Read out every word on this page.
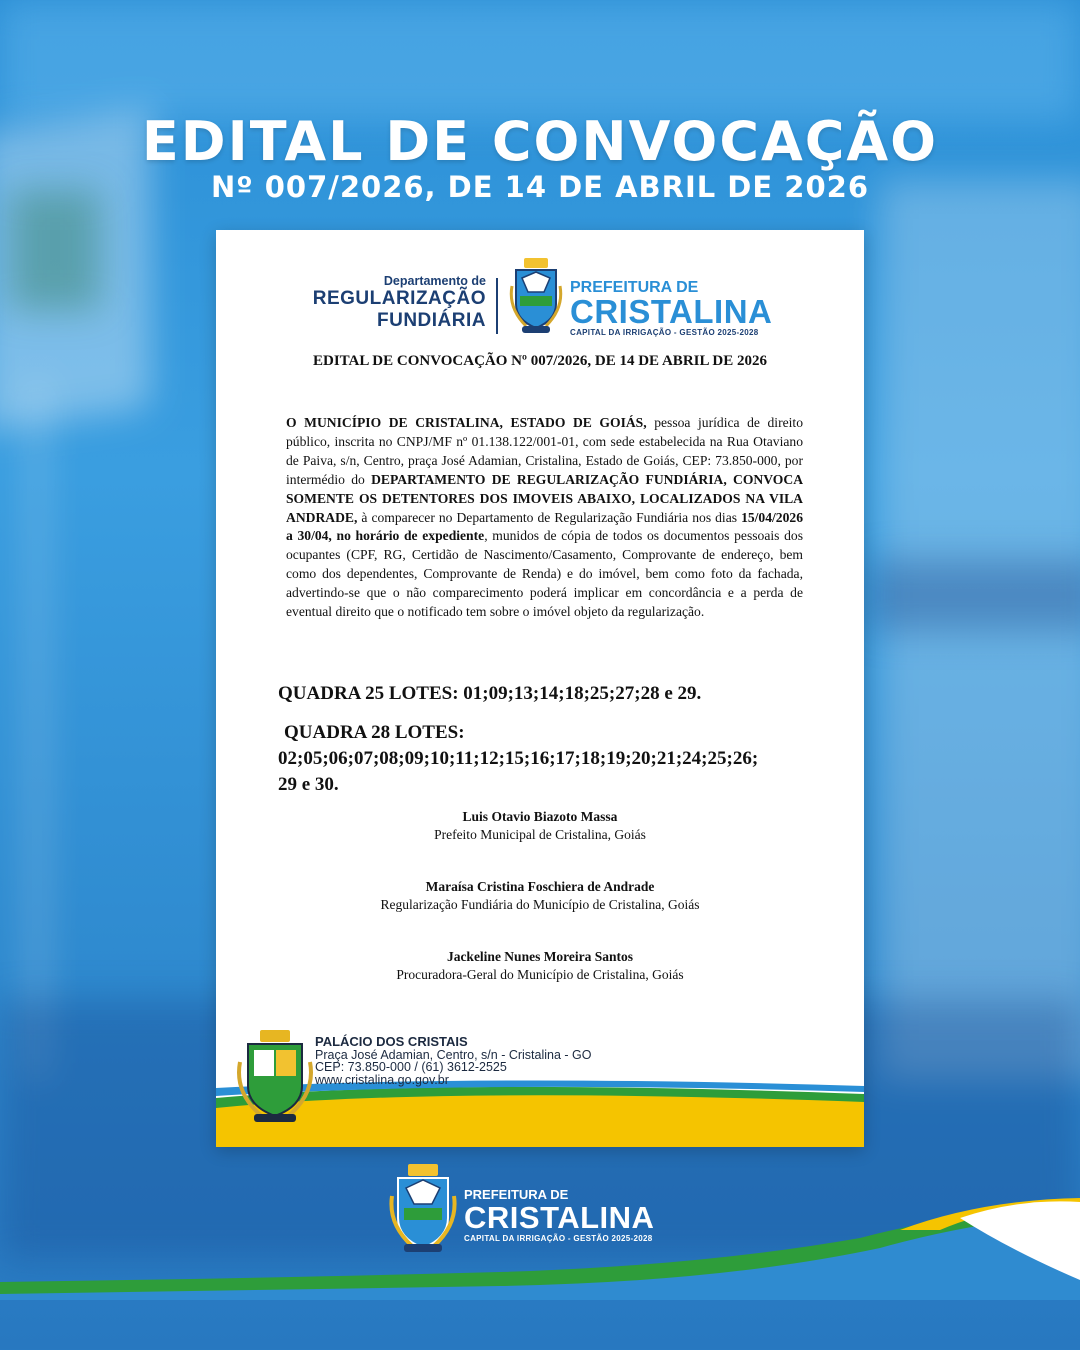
EDITAL DE CONVOCAÇÃO
Nº 007/2026, DE 14 DE ABRIL DE 2026
Departamento de
REGULARIZAÇÃO
FUNDIÁRIA
PREFEITURA DE
CRISTALINA
CAPITAL DA IRRIGAÇÃO - GESTÃO 2025-2028
EDITAL DE CONVOCAÇÃO Nº 007/2026, DE 14 DE ABRIL DE 2026
O MUNICÍPIO DE CRISTALINA, ESTADO DE GOIÁS, pessoa jurídica de direito público, inscrita no CNPJ/MF nº 01.138.122/001-01, com sede estabelecida na Rua Otaviano de Paiva, s/n, Centro, praça José Adamian, Cristalina, Estado de Goiás, CEP: 73.850-000, por intermédio do DEPARTAMENTO DE REGULARIZAÇÃO FUNDIÁRIA, CONVOCA SOMENTE OS DETENTORES DOS IMOVEIS ABAIXO, LOCALIZADOS NA VILA ANDRADE, à comparecer no Departamento de Regularização Fundiária nos dias 15/04/2026 a 30/04, no horário de expediente, munidos de cópia de todos os documentos pessoais dos ocupantes (CPF, RG, Certidão de Nascimento/Casamento, Comprovante de endereço, bem como dos dependentes, Comprovante de Renda) e do imóvel, bem como foto da fachada, advertindo-se que o não comparecimento poderá implicar em concordância e a perda de eventual direito que o notificado tem sobre o imóvel objeto da regularização.
QUADRA 25 LOTES: 01;09;13;14;18;25;27;28 e 29.
QUADRA 28 LOTES:
02;05;06;07;08;09;10;11;12;15;16;17;18;19;20;21;24;25;26;
29 e 30.
Luis Otavio Biazoto Massa
Prefeito Municipal de Cristalina, Goiás
Maraísa Cristina Foschiera de Andrade
Regularização Fundiária do Município de Cristalina, Goiás
Jackeline Nunes Moreira Santos
Procuradora-Geral do Município de Cristalina, Goiás
PALÁCIO DOS CRISTAIS
Praça José Adamian, Centro, s/n - Cristalina - GO
CEP: 73.850-000 / (61) 3612-2525
www.cristalina.go.gov.br
PREFEITURA DE
CRISTALINA
CAPITAL DA IRRIGAÇÃO - GESTÃO 2025-2028
